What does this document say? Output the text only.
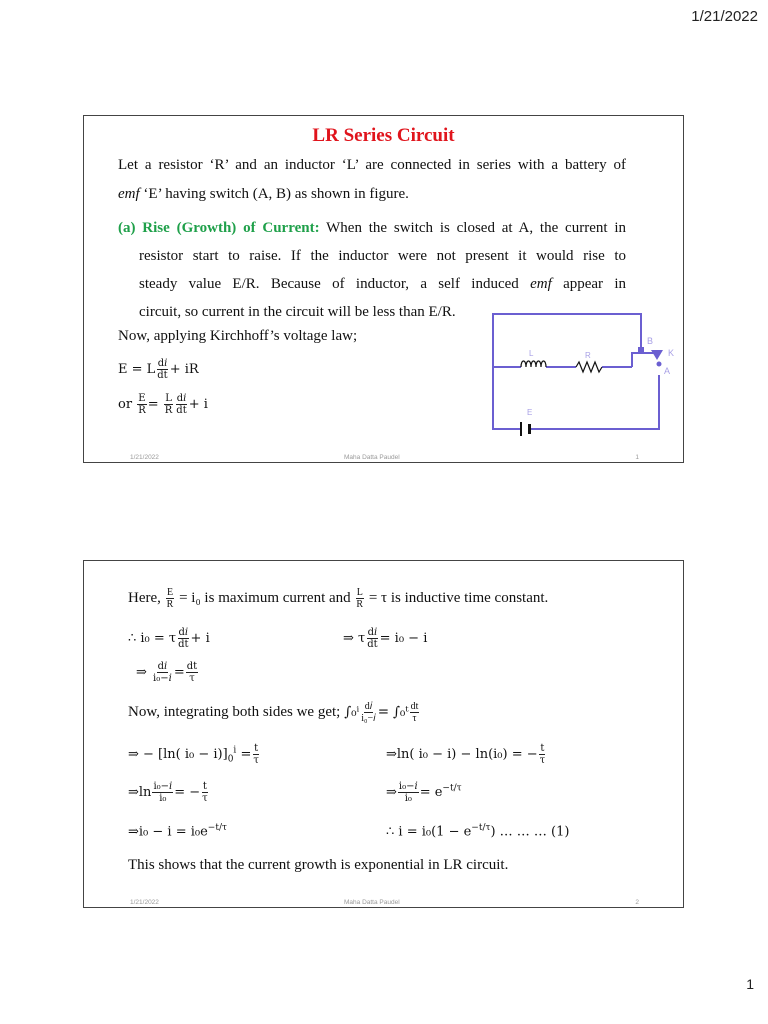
1/21/2022
LR Series Circuit
Let a resistor ‘R’ and an inductor ‘L’ are connected in series with a battery of
emf ‘E’ having switch (A, B) as shown in figure.
(a) Rise (Growth) of Current: When the switch is closed at A, the current in
resistor start to raise. If the inductor were not present it would rise to
steady value E/R. Because of inductor, a self induced emf appear in
circuit, so current in the circuit will be less than E/R.
Now, applying Kirchhoff’s voltage law;
E = L $\frac{\text{d𝑖}}{dt}$ + iR
or $\frac{E}{R} = \frac{L}{R} \frac{\text{d𝑖}}{dt} + i$
L	R
B
K
A
E
1/21/2022	Maha Datta Paudel	1
Here, $\frac{E}{R} = i_0$ is maximum current and $\frac{L}{R} = \tau$ is inductive time constant.
∴ i₀ = τ $\frac{\text{d𝑖}}{dt} + i$	⇒ τ $\frac{\text{d𝑖}}{dt} = i_0 - i$
⇒ $\frac{\text{d𝑖}}{\text{i₀−𝑖}} = \frac{dt}{\tau}$
Now, integrating both sides we get; $\int_0^i \frac{\text{d𝑖}}{\text{i₀−𝑖}}$ = ∫₀ᵗ $\frac{dt}{\tau}$
⇒ − [ln( $i_0 - i)]_0^i = \frac{t}{\tau}$	⇒ln( i₀ − i) − ln(i₀) = − $\frac{t}{\tau}$
⇒ln $\frac{\text{i₀−𝑖}}{\text{i₀}}$ = − $\frac{t}{\tau}$	⇒ $\frac{\text{i₀−𝑖}}{\text{i₀}} = e^{-t/\tau}$
⇒i₀ − $i = i_0e^{-t/\tau}$	∴ $i = i_0(1 - e^{-t/\tau})$ … … … (1)
This shows that the current growth is exponential in LR circuit.
1/21/2022	Maha Datta Paudel	2
1
